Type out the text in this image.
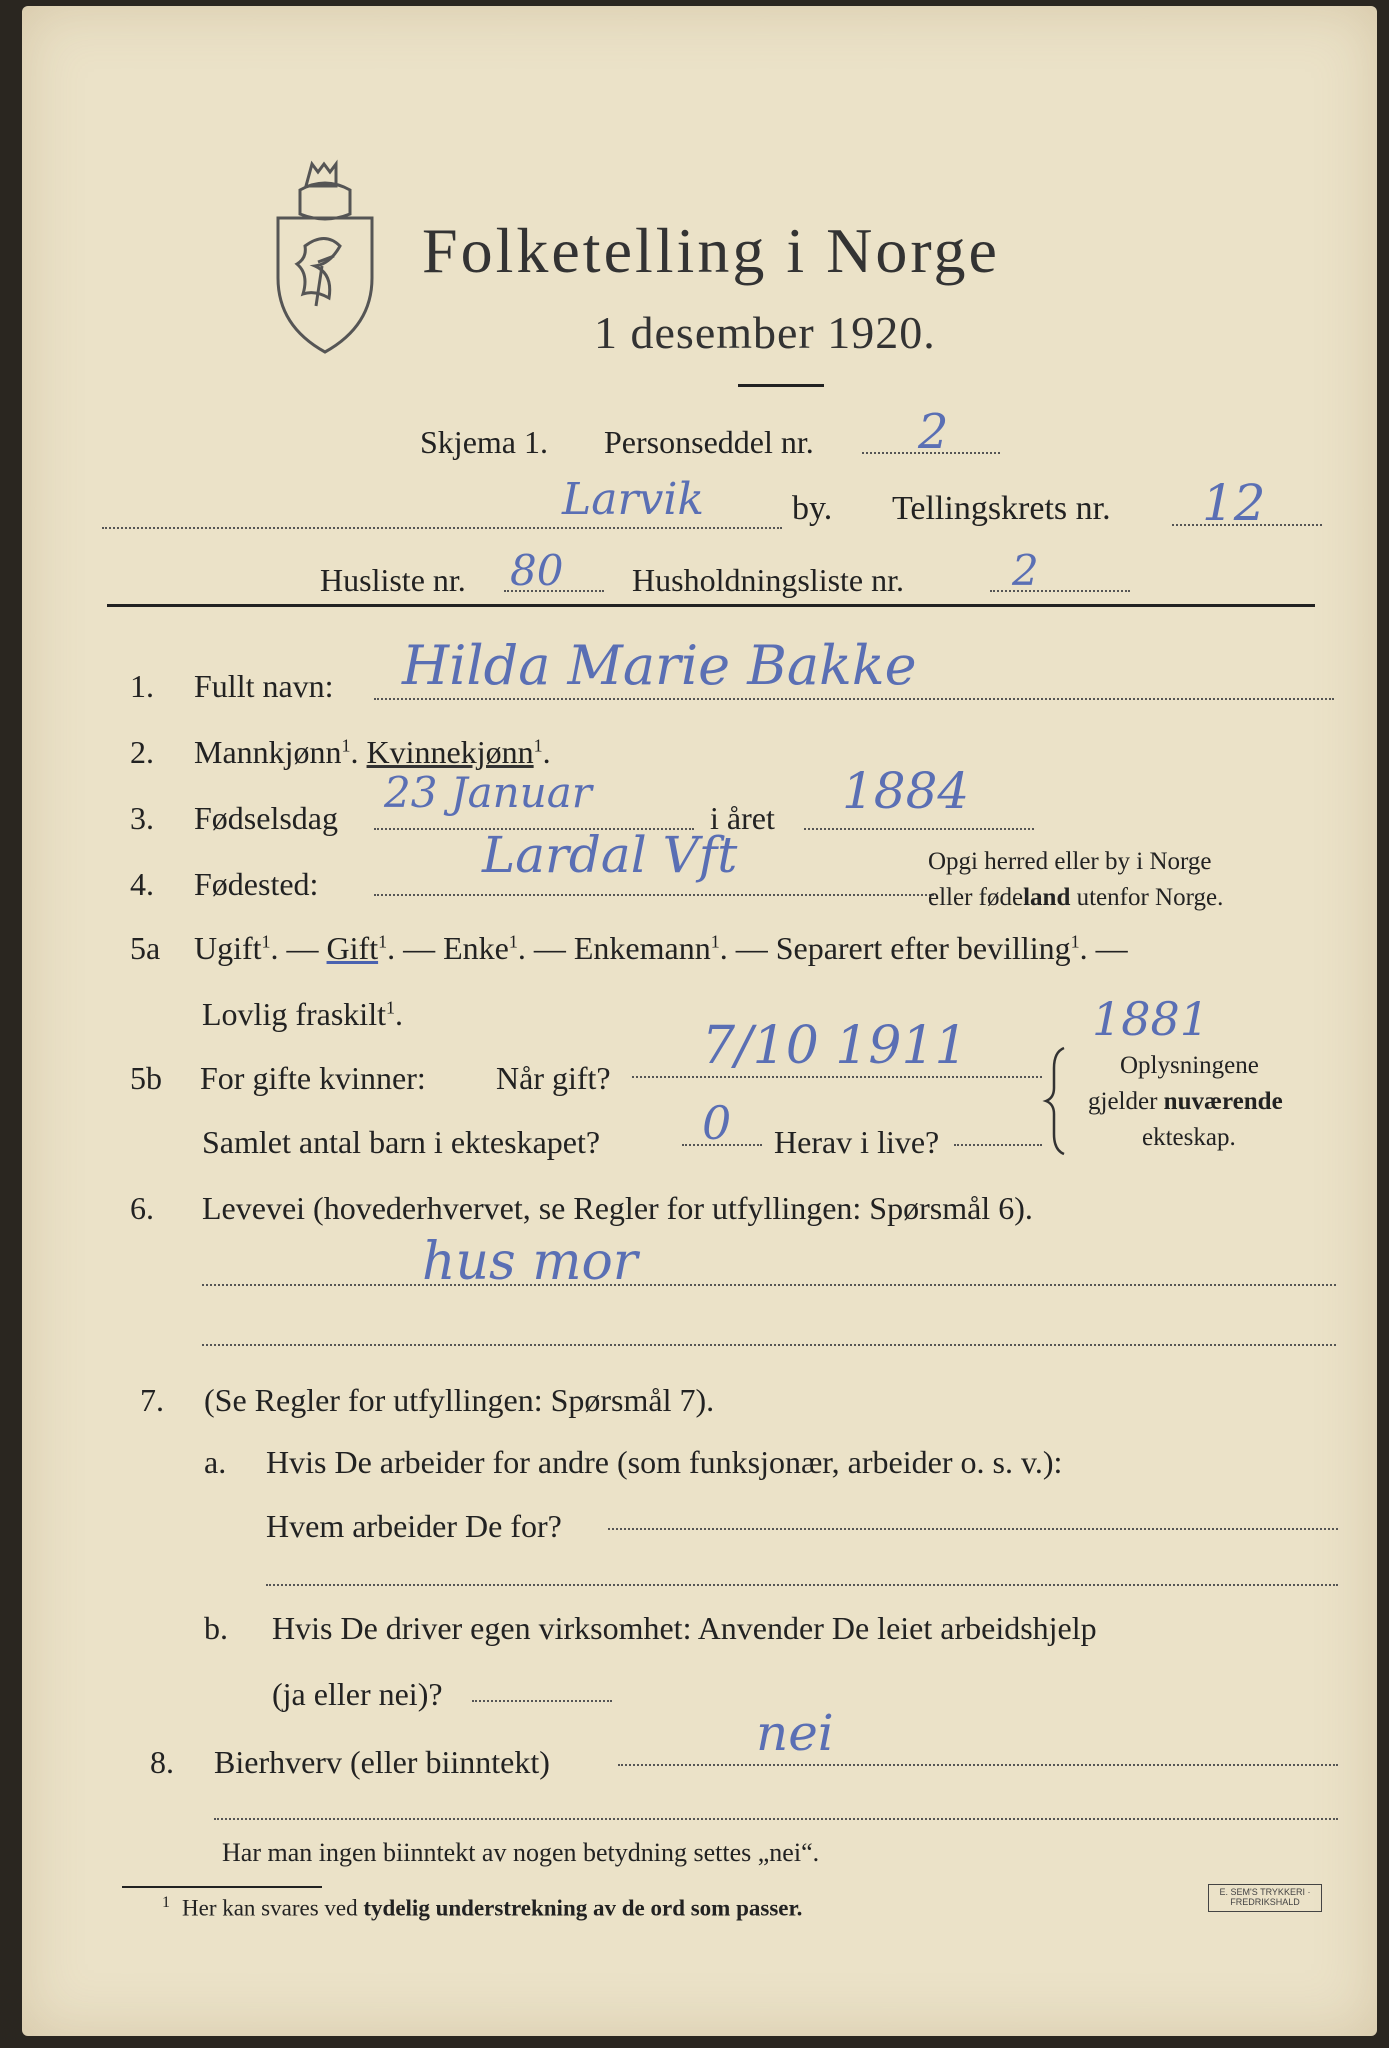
Folketelling i Norge
1 desember 1920.
Skjema 1. Personseddel nr. 2
Larvik	by. Tellingskrets nr. 12
Husliste nr. 80 Husholdningsliste nr.	2
1. Fullt navn: Hilda Marie Bakke
2. Mannkjønn$^1$. Kvinnekjønn$^1$.
3. Fødselsdag
23 Januar
i året 1884
4. Fødested:	Lardal Vft	Opgi herred eller by i Norge
eller fødeland utenfor Norge.
5a Ugift$^1$. — Gift$^1$. — Enke$^1$. — Enkemann$^1$. — Separert efter bevilling$^1$. —
Lovlig fraskilt$^1$.
5b For gifte kvinner: Når gift?
7/10 1911	1881
Samlet antal barn i ekteskapet? 0 Herav i live?
Oplysningene
gjelder nuværende
ekteskap.
6. Levevei (hovederhvervet, se Regler for utfyllingen: Spørsmål 6).
hus mor
7. (Se Regler for utfyllingen: Spørsmål 7).
a. Hvis De arbeider for andre (som funksjonær, arbeider o. s. v.):
Hvem arbeider De for?
b. Hvis De driver egen virksomhet: Anvender De leiet arbeidshjelp
(ja eller nei)?
8. Bierhverv (eller biinntekt)	nei
Har man ingen biinntekt av nogen betydning settes „nei“.
$^1$ Her kan svares ved tydelig understrekning av de ord som passer.
E. SEM'S TRYKKERI · FREDRIKSHALD
